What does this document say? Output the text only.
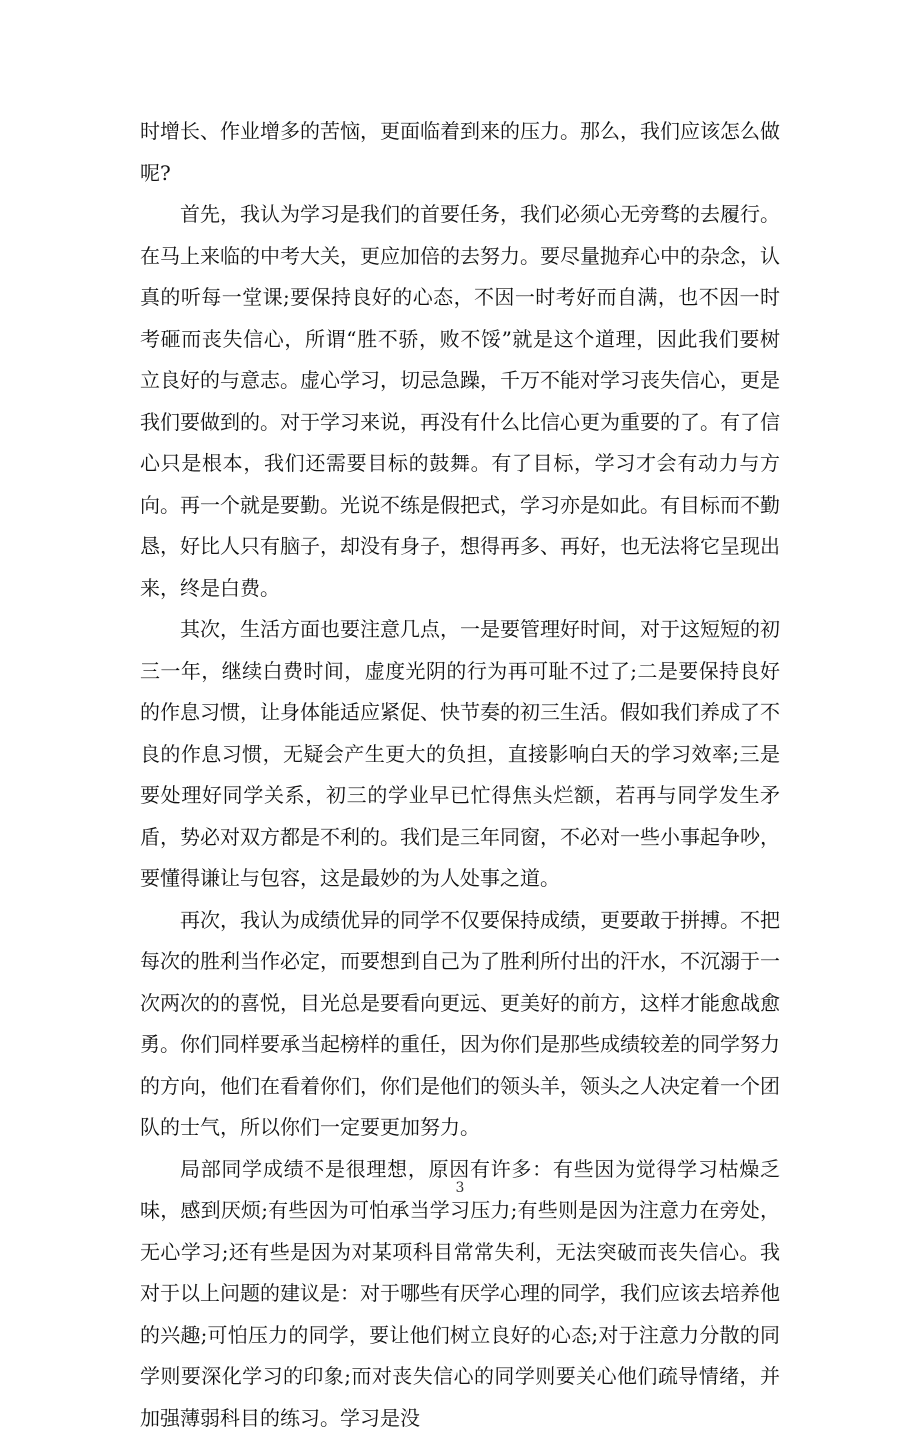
时增长、作业增多的苦恼，更面临着到来的压力。那么，我们应该怎么做呢?

首先，我认为学习是我们的首要任务，我们必须心无旁骛的去履行。在马上来临的中考大关，更应加倍的去努力。要尽量抛弃心中的杂念，认真的听每一堂课;要保持良好的心态，不因一时考好而自满，也不因一时考砸而丧失信心，所谓“胜不骄，败不馁”就是这个道理，因此我们要树立良好的与意志。虚心学习，切忌急躁，千万不能对学习丧失信心，更是我们要做到的。对于学习来说，再没有什么比信心更为重要的了。有了信心只是根本，我们还需要目标的鼓舞。有了目标，学习才会有动力与方向。再一个就是要勤。光说不练是假把式，学习亦是如此。有目标而不勤恳，好比人只有脑子，却没有身子，想得再多、再好，也无法将它呈现出来，终是白费。

其次，生活方面也要注意几点，一是要管理好时间，对于这短短的初三一年，继续白费时间，虚度光阴的行为再可耻不过了;二是要保持良好的作息习惯，让身体能适应紧促、快节奏的初三生活。假如我们养成了不良的作息习惯，无疑会产生更大的负担，直接影响白天的学习效率;三是要处理好同学关系，初三的学业早已忙得焦头烂额，若再与同学发生矛盾，势必对双方都是不利的。我们是三年同窗，不必对一些小事起争吵，要懂得谦让与包容，这是最妙的为人处事之道。

再次，我认为成绩优异的同学不仅要保持成绩，更要敢于拼搏。不把每次的胜利当作必定，而要想到自己为了胜利所付出的汗水，不沉溺于一次两次的的喜悦，目光总是要看向更远、更美好的前方，这样才能愈战愈勇。你们同样要承当起榜样的重任，因为你们是那些成绩较差的同学努力的方向，他们在看着你们，你们是他们的领头羊，领头之人决定着一个团队的士气，所以你们一定要更加努力。

局部同学成绩不是很理想，原因有许多：有些因为觉得学习枯燥乏味，感到厌烦;有些因为可怕承当学习压力;有些则是因为注意力在旁处，无心学习;还有些是因为对某项科目常常失利，无法突破而丧失信心。我对于以上问题的建议是：对于哪些有厌学心理的同学，我们应该去培养他的兴趣;可怕压力的同学，要让他们树立良好的心态;对于注意力分散的同学则要深化学习的印象;而对丧失信心的同学则要关心他们疏导情绪，并加强薄弱科目的练习。学习是没

3
